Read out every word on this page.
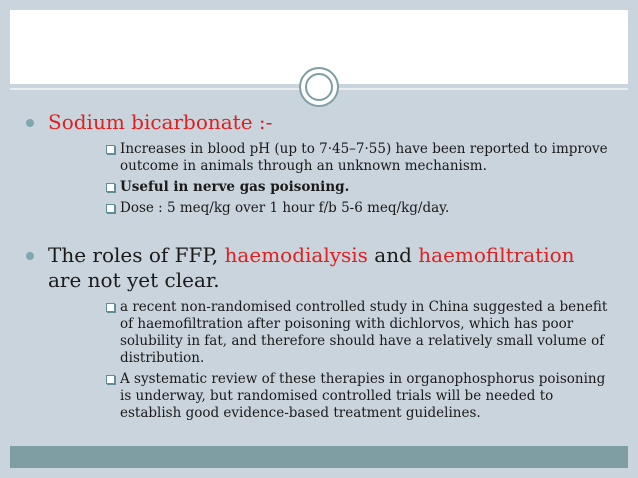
Sodium bicarbonate :-

Increases in blood pH (up to 7·45–7·55) have been reported to improve outcome in animals through an unknown mechanism.

Useful in nerve gas poisoning.

Dose : 5 meq/kg over 1 hour f/b 5-6 meq/kg/day.

The roles of FFP, haemodialysis and haemofiltration are not yet clear.

a recent non-randomised controlled study in China suggested a benefit of haemofiltration after poisoning with dichlorvos, which has poor solubility in fat, and therefore should have a relatively small volume of distribution.

A systematic review of these therapies in organophosphorus poisoning is underway, but randomised controlled trials will be needed to establish good evidence-based treatment guidelines.
